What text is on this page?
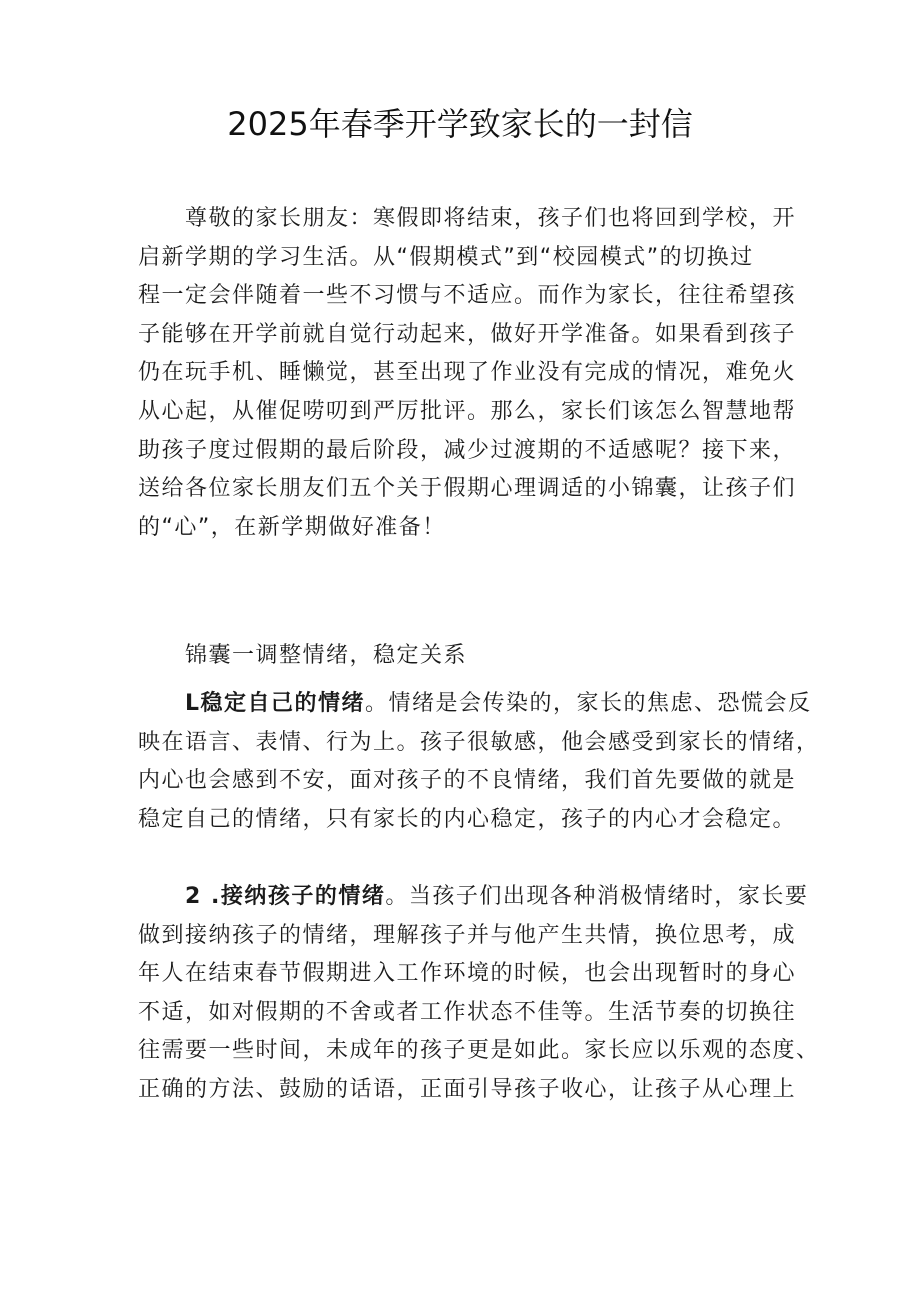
2025年春季开学致家长的一封信
尊敬的家长朋友：寒假即将结束，孩子们也将回到学校，开
启新学期的学习生活。从“假期模式”到“校园模式”的切换过
程一定会伴随着一些不习惯与不适应。而作为家长，往往希望孩
子能够在开学前就自觉行动起来，做好开学准备。如果看到孩子
仍在玩手机、睡懒觉，甚至出现了作业没有完成的情况，难免火
从心起，从催促唠叨到严厉批评。那么，家长们该怎么智慧地帮
助孩子度过假期的最后阶段，减少过渡期的不适感呢？接下来，
送给各位家长朋友们五个关于假期心理调适的小锦囊，让孩子们
的“心”，在新学期做好准备！
锦囊一调整情绪，稳定关系
L稳定自己的情绪。情绪是会传染的，家长的焦虑、恐慌会反
映在语言、表情、行为上。孩子很敏感，他会感受到家长的情绪，
内心也会感到不安，面对孩子的不良情绪，我们首先要做的就是
稳定自己的情绪，只有家长的内心稳定，孩子的内心才会稳定。
2 .接纳孩子的情绪。当孩子们出现各种消极情绪时，家长要
做到接纳孩子的情绪，理解孩子并与他产生共情，换位思考，成
年人在结束春节假期进入工作环境的时候，也会出现暂时的身心
不适，如对假期的不舍或者工作状态不佳等。生活节奏的切换往
往需要一些时间，未成年的孩子更是如此。家长应以乐观的态度、
正确的方法、鼓励的话语，正面引导孩子收心，让孩子从心理上
